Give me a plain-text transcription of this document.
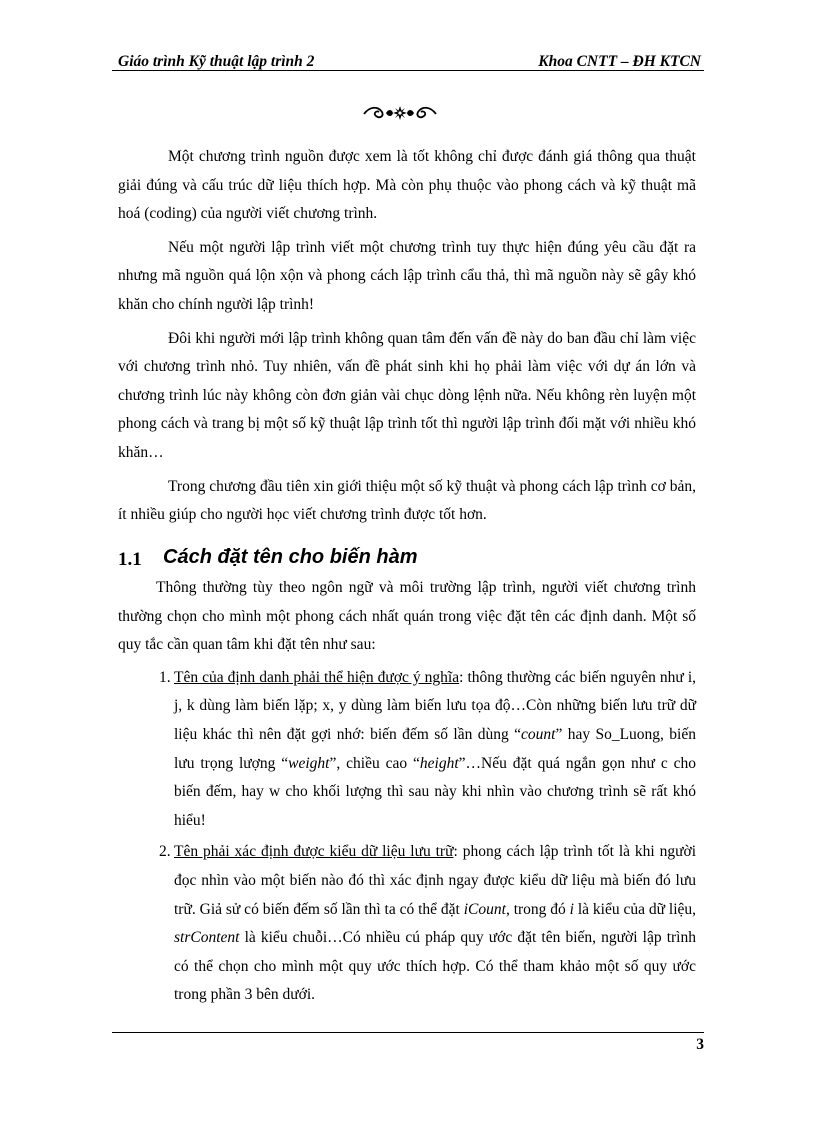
Giáo trình Kỹ thuật lập trình 2	Khoa CNTT – ĐH KTCN

Một chương trình nguồn được xem là tốt không chỉ được đánh giá thông qua thuật giải đúng và cấu trúc dữ liệu thích hợp. Mà còn phụ thuộc vào phong cách và kỹ thuật mã hoá (coding) của người viết chương trình.

Nếu một người lập trình viết một chương trình tuy thực hiện đúng yêu cầu đặt ra nhưng mã nguồn quá lộn xộn và phong cách lập trình cẩu thả, thì mã nguồn này sẽ gây khó khăn cho chính người lập trình!

Đôi khi người mới lập trình không quan tâm đến vấn đề này do ban đầu chỉ làm việc với chương trình nhỏ. Tuy nhiên, vấn đề phát sinh khi họ phải làm việc với dự án lớn và chương trình lúc này không còn đơn giản vài chục dòng lệnh nữa. Nếu không rèn luyện một phong cách và trang bị một số kỹ thuật lập trình tốt thì người lập trình đối mặt với nhiều khó khăn…

Trong chương đầu tiên xin giới thiệu một số kỹ thuật và phong cách lập trình cơ bản, ít nhiều giúp cho người học viết chương trình được tốt hơn.

1.1 Cách đặt tên cho biến hàm

Thông thường tùy theo ngôn ngữ và môi trường lập trình, người viết chương trình thường chọn cho mình một phong cách nhất quán trong việc đặt tên các định danh. Một số quy tắc cần quan tâm khi đặt tên như sau:

1. Tên của định danh phải thể hiện được ý nghĩa: thông thường các biến nguyên như i, j, k dùng làm biến lặp; x, y dùng làm biến lưu tọa độ…Còn những biến lưu trữ dữ liệu khác thì nên đặt gợi nhớ: biến đếm số lần dùng “count” hay So_Luong, biến lưu trọng lượng “weight”, chiều cao “height”…Nếu đặt quá ngắn gọn như c cho biến đếm, hay w cho khối lượng thì sau này khi nhìn vào chương trình sẽ rất khó hiểu!
2. Tên phải xác định được kiểu dữ liệu lưu trữ: phong cách lập trình tốt là khi người đọc nhìn vào một biến nào đó thì xác định ngay được kiểu dữ liệu mà biến đó lưu trữ. Giả sử có biến đếm số lần thì ta có thể đặt iCount, trong đó i là kiểu của dữ liệu, strContent là kiểu chuỗi…Có nhiều cú pháp quy ước đặt tên biến, người lập trình có thể chọn cho mình một quy ước thích hợp. Có thể tham khảo một số quy ước trong phần 3 bên dưới.
3
